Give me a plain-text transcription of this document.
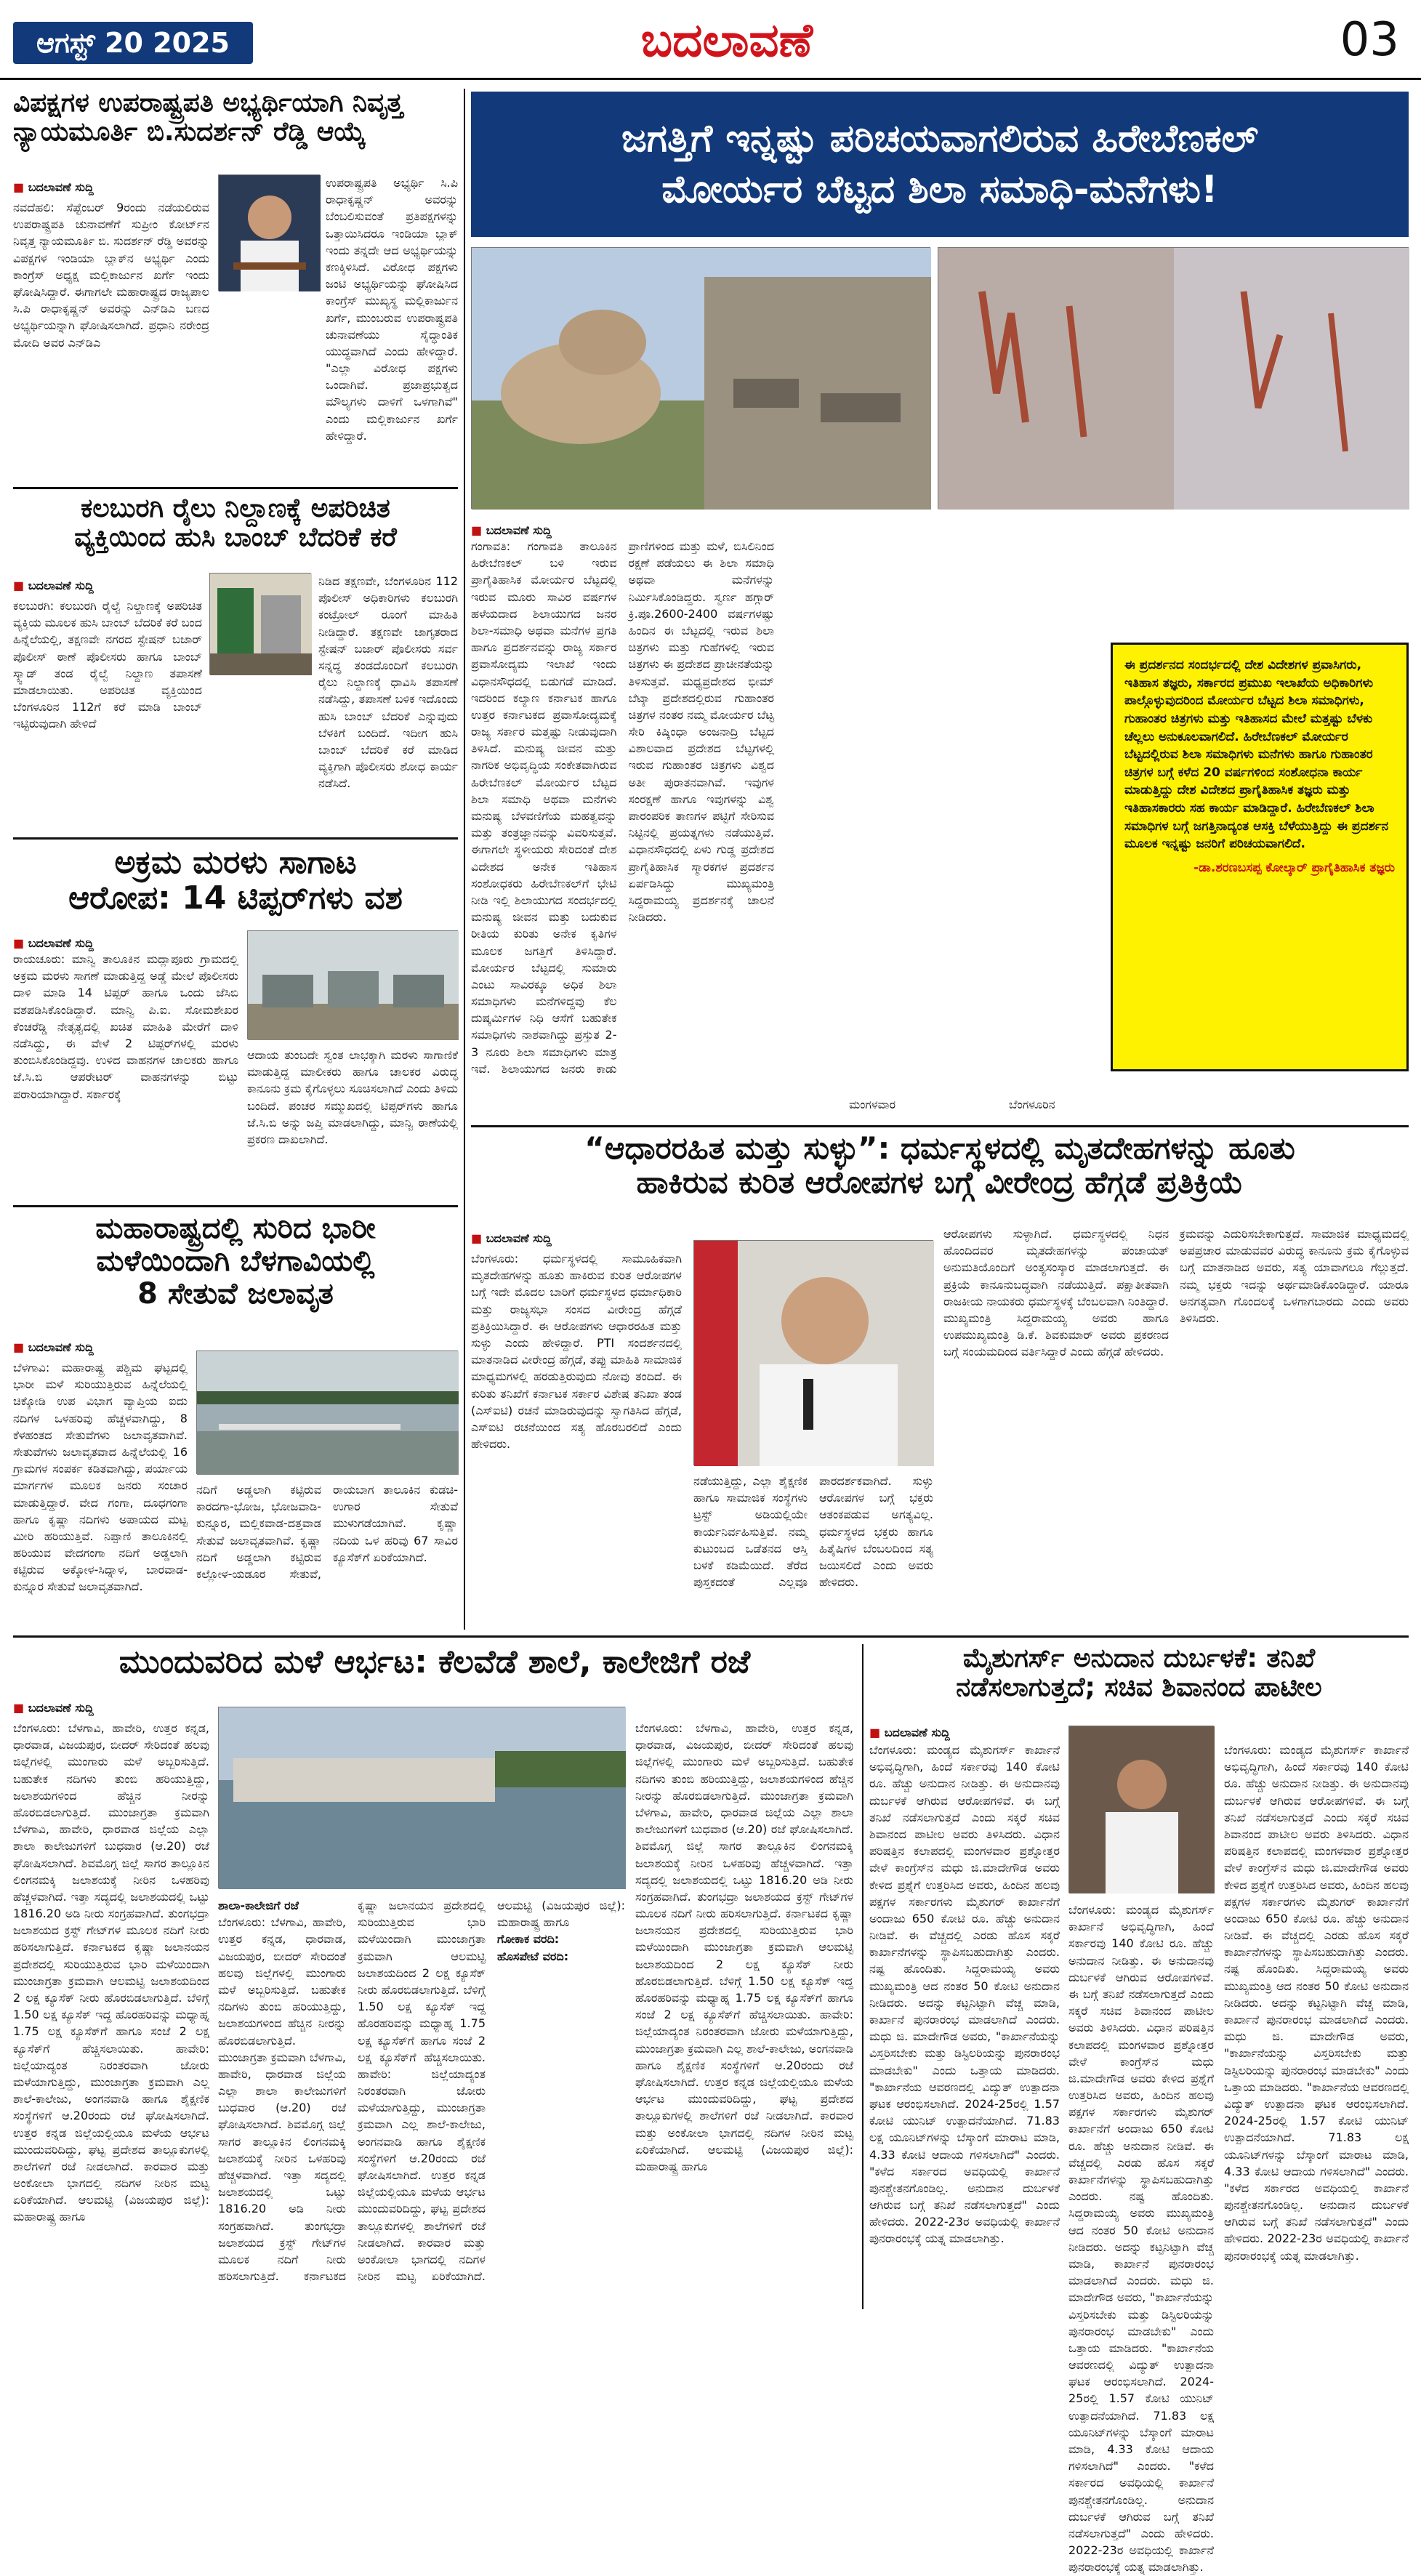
ಆಗಸ್ಟ್ 20 2025	ಬದಲಾವಣೆ	03
ವಿಪಕ್ಷಗಳ ಉಪರಾಷ್ಟ್ರಪತಿ ಅಭ್ಯರ್ಥಿಯಾಗಿ ನಿವೃತ್ತ
ನ್ಯಾಯಮೂರ್ತಿ ಬಿ.ಸುದರ್ಶನ್ ರೆಡ್ಡಿ ಆಯ್ಕೆ
■ ಬದಲಾವಣೆ ಸುದ್ದಿ
ನವದೆಹಲಿ: ಸೆಪ್ಟೆಂಬರ್ 9ರಂದು ನಡೆಯಲಿರುವ ಉಪರಾಷ್ಟ್ರಪತಿ ಚುನಾವಣೆಗೆ ಸುಪ್ರೀಂ ಕೋರ್ಟ್‌ನ ನಿವೃತ್ತ ನ್ಯಾಯಮೂರ್ತಿ ಬಿ. ಸುದರ್ಶನ್ ರೆಡ್ಡಿ ಅವರನ್ನು ವಿಪಕ್ಷಗಳ ಇಂಡಿಯಾ ಬ್ಲಾಕ್‌ನ ಅಭ್ಯರ್ಥಿ ಎಂದು ಕಾಂಗ್ರೆಸ್ ಅಧ್ಯಕ್ಷ ಮಲ್ಲಿಕಾರ್ಜುನ ಖರ್ಗೆ ಇಂದು ಘೋಷಿಸಿದ್ದಾರೆ. ಈಗಾಗಲೇ ಮಹಾರಾಷ್ಟ್ರದ ರಾಜ್ಯಪಾಲ ಸಿ.ಪಿ ರಾಧಾಕೃಷ್ಣನ್ ಅವರನ್ನು ಎನ್‌ಡಿಎ ಬಣದ ಅಭ್ಯರ್ಥಿಯನ್ನಾಗಿ ಘೋಷಿಸಲಾಗಿದೆ. ಪ್ರಧಾನಿ ನರೇಂದ್ರ ಮೋದಿ ಅವರ ಎನ್‌ಡಿಎ
ಉಪರಾಷ್ಟ್ರಪತಿ ಅಭ್ಯರ್ಥಿ ಸಿ.ಪಿ ರಾಧಾಕೃಷ್ಣನ್ ಅವರನ್ನು ಬೆಂಬಲಿಸುವಂತೆ ಪ್ರತಿಪಕ್ಷಗಳನ್ನು ಒತ್ತಾಯಿಸಿದರೂ ಇಂಡಿಯಾ ಬ್ಲಾಕ್ ಇಂದು ತನ್ನದೇ ಆದ ಅಭ್ಯರ್ಥಿಯನ್ನು ಕಣಕ್ಕಿಳಿಸಿದೆ. ವಿರೋಧ ಪಕ್ಷಗಳು ಜಂಟಿ ಅಭ್ಯರ್ಥಿಯನ್ನು ಘೋಷಿಸಿದ ಕಾಂಗ್ರೆಸ್ ಮುಖ್ಯಸ್ಥ ಮಲ್ಲಿಕಾರ್ಜುನ ಖರ್ಗೆ, ಮುಂಬರುವ ಉಪರಾಷ್ಟ್ರಪತಿ ಚುನಾವಣೆಯು ಸೈದ್ಧಾಂತಿಕ ಯುದ್ಧವಾಗಿದೆ ಎಂದು ಹೇಳಿದ್ದಾರೆ. "ಎಲ್ಲಾ ವಿರೋಧ ಪಕ್ಷಗಳು ಒಂದಾಗಿವೆ. ಪ್ರಜಾಪ್ರಭುತ್ವದ ಮೌಲ್ಯಗಳು ದಾಳಿಗೆ ಒಳಗಾಗಿವೆ" ಎಂದು ಮಲ್ಲಿಕಾರ್ಜುನ ಖರ್ಗೆ ಹೇಳಿದ್ದಾರೆ.
ಕಲಬುರಗಿ ರೈಲು ನಿಲ್ದಾಣಕ್ಕೆ ಅಪರಿಚಿತ
ವ್ಯಕ್ತಿಯಿಂದ ಹುಸಿ ಬಾಂಬ್ ಬೆದರಿಕೆ ಕರೆ
■ ಬದಲಾವಣೆ ಸುದ್ದಿ
ಕಲಬುರಗಿ: ಕಲಬುರಗಿ ರೈಲ್ವೆ ನಿಲ್ದಾಣಕ್ಕೆ ಅಪರಿಚಿತ ವ್ಯಕ್ತಿಯ ಮೂಲಕ ಹುಸಿ ಬಾಂಬ್ ಬೆದರಿಕೆ ಕರೆ ಬಂದ ಹಿನ್ನೆಲೆಯಲ್ಲಿ, ತಕ್ಷಣವೇ ನಗರದ ಸ್ಟೇಷನ್ ಬಜಾರ್ ಪೊಲೀಸ್ ಠಾಣೆ ಪೊಲೀಸರು ಹಾಗೂ ಬಾಂಬ್ ಸ್ಕ್ವಾಡ್ ತಂಡ ರೈಲ್ವೆ ನಿಲ್ದಾಣ ತಪಾಸಣೆ ಮಾಡಲಾಯಿತು. ಅಪರಿಚಿತ ವ್ಯಕ್ತಿಯಿಂದ ಬೆಂಗಳೂರಿನ 112ಗೆ ಕರೆ ಮಾಡಿ ಬಾಂಬ್ ಇಟ್ಟಿರುವುದಾಗಿ ಹೇಳಿದೆ
ನಿಡಿದ ತಕ್ಷಣವೇ, ಬೆಂಗಳೂರಿನ 112 ಪೊಲೀಸ್ ಅಧಿಕಾರಿಗಳು ಕಲಬುರಗಿ ಕಂಟ್ರೋಲ್ ರೂಂಗೆ ಮಾಹಿತಿ ನೀಡಿದ್ದಾರೆ. ತಕ್ಷಣವೇ ಜಾಗೃತರಾದ ಸ್ಟೇಷನ್ ಬಜಾರ್ ಪೊಲೀಸರು ಸರ್ವ ಸನ್ನದ್ಧ ತಂಡದೊಂದಿಗೆ ಕಲಬುರಗಿ ರೈಲು ನಿಲ್ದಾಣಕ್ಕೆ ಧಾವಿಸಿ ತಪಾಸಣೆ ನಡೆಸಿದ್ದು, ತಪಾಸಣೆ ಬಳಿಕ ಇದೊಂದು ಹುಸಿ ಬಾಂಬ್ ಬೆದರಿಕೆ ಎನ್ನುವುದು ಬೆಳಕಿಗೆ ಬಂದಿದೆ. ಇದೀಗ ಹುಸಿ ಬಾಂಬ್ ಬೆದರಿಕೆ ಕರೆ ಮಾಡಿದ ವ್ಯಕ್ತಿಗಾಗಿ ಪೊಲೀಸರು ಶೋಧ ಕಾರ್ಯ ನಡೆಸಿದೆ.
ಅಕ್ರಮ ಮರಳು ಸಾಗಾಟ
ಆರೋಪ: 14 ಟಿಪ್ಪರ್‌ಗಳು ವಶ
■ ಬದಲಾವಣೆ ಸುದ್ದಿ
ರಾಯಚೂರು: ಮಾನ್ವಿ ತಾಲೂಕಿನ ಮದ್ಲಾಪೂರು ಗ್ರಾಮದಲ್ಲಿ ಅಕ್ರಮ ಮರಳು ಸಾಗಣೆ ಮಾಡುತ್ತಿದ್ದ ಅಡ್ಡೆ ಮೇಲೆ ಪೊಲೀಸರು ದಾಳಿ ಮಾಡಿ 14 ಟಿಪ್ಪರ್ ಹಾಗೂ ಒಂದು ಜೆಸಿಬಿ ವಶಪಡಿಸಿಕೊಂಡಿದ್ದಾರೆ. ಮಾನ್ವಿ ಪಿ.ಐ. ಸೋಮಶೇಖರ ಕೆಂಚರೆಡ್ಡಿ ನೇತೃತ್ವದಲ್ಲಿ ಖಚಿತ ಮಾಹಿತಿ ಮೇರೆಗೆ ದಾಳಿ ನಡೆಸಿದ್ದು, ಈ ವೇಳೆ 2 ಟಿಪ್ಪರ್‌ಗಳಲ್ಲಿ ಮರಳು ತುಂಬಿಸಿಕೊಂಡಿದ್ದವು. ಉಳಿದ ವಾಹನಗಳ ಚಾಲಕರು ಹಾಗೂ ಜೆ.ಸಿ.ಬಿ ಆಪರೇಟರ್ ವಾಹನಗಳನ್ನು ಬಿಟ್ಟು ಪರಾರಿಯಾಗಿದ್ದಾರೆ. ಸರ್ಕಾರಕ್ಕೆ
ಆದಾಯ ತುಂಬದೇ ಸ್ವಂತ ಲಾಭಕ್ಕಾಗಿ ಮರಳು ಸಾಗಾಣಿಕೆ ಮಾಡುತ್ತಿದ್ದ ಮಾಲೀಕರು ಹಾಗೂ ಚಾಲಕರ ವಿರುದ್ಧ ಕಾನೂನು ಕ್ರಮ ಕೈಗೊಳ್ಳಲು ಸೂಚಿಸಲಾಗಿದೆ ಎಂದು ತಿಳಿದು ಬಂದಿದೆ. ಪಂಚರ ಸಮ್ಮುಖದಲ್ಲಿ ಟಿಪ್ಪರ್‌ಗಳು ಹಾಗೂ ಜೆ.ಸಿ.ಬಿ ಅನ್ನು ಜಪ್ತಿ ಮಾಡಲಾಗಿದ್ದು, ಮಾನ್ವಿ ಠಾಣೆಯಲ್ಲಿ ಪ್ರಕರಣ ದಾಖಲಾಗಿದೆ.
ಮಹಾರಾಷ್ಟ್ರದಲ್ಲಿ ಸುರಿದ ಭಾರೀ
ಮಳೆಯಿಂದಾಗಿ ಬೆಳಗಾವಿಯಲ್ಲಿ
8 ಸೇತುವೆ ಜಲಾವೃತ
■ ಬದಲಾವಣೆ ಸುದ್ದಿ
ಬೆಳಗಾವಿ: ಮಹಾರಾಷ್ಟ್ರ ಪಶ್ಚಿಮ ಘಟ್ಟದಲ್ಲಿ ಭಾರೀ ಮಳೆ ಸುರಿಯುತ್ತಿರುವ ಹಿನ್ನೆಲೆಯಲ್ಲಿ ಚಿಕ್ಕೋಡಿ ಉಪ ವಿಭಾಗ ವ್ಯಾಪ್ತಿಯ ಐದು ನದಿಗಳ ಒಳಹರಿವು ಹೆಚ್ಚಳವಾಗಿದ್ದು, 8 ಕೆಳಹಂತದ ಸೇತುವೆಗಳು ಜಲಾವೃತವಾಗಿವೆ. ಸೇತುವೆಗಳು ಜಲಾವೃತವಾದ ಹಿನ್ನೆಲೆಯಲ್ಲಿ 16 ಗ್ರಾಮಗಳ ಸಂಪರ್ಕ ಕಡಿತವಾಗಿದ್ದು, ಪರ್ಯಾಯ ಮಾರ್ಗಗಳ ಮೂಲಕ ಜನರು ಸಂಚಾರ ಮಾಡುತ್ತಿದ್ದಾರೆ. ವೇದ ಗಂಗಾ, ದೂಧಗಂಗಾ ಹಾಗೂ ಕೃಷ್ಣಾ ನದಿಗಳು ಅಪಾಯದ ಮಟ್ಟ ಮೀರಿ ಹರಿಯುತ್ತಿವೆ. ನಿಪ್ಪಾಣಿ ತಾಲೂಕಿನಲ್ಲಿ ಹರಿಯುವ ವೇದಗಂಗಾ ನದಿಗೆ ಅಡ್ಡಲಾಗಿ ಕಟ್ಟಿರುವ ಅಕ್ಕೋಳ-ಸಿದ್ನಾಳ, ಬಾರವಾಡ-ಕುನ್ನೂರ ಸೇತುವೆ ಜಲಾವೃತವಾಗಿದೆ.
ನದಿಗೆ ಅಡ್ಡಲಾಗಿ ಕಟ್ಟಿರುವ ಕಾರದಗಾ-ಭೋಜ, ಭೋಜವಾಡಿ-ಕುನ್ನೂರ, ಮಲ್ಲಿಕವಾಡ-ದತ್ತವಾಡ ಸೇತುವೆ ಜಲಾವೃತವಾಗಿವೆ. ಕೃಷ್ಣಾ ನದಿಗೆ ಅಡ್ಡಲಾಗಿ ಕಟ್ಟಿರುವ ಕಲ್ಲೋಳ-ಯಡೂರ ಸೇತುವೆ, ರಾಯಬಾಗ ತಾಲೂಕಿನ ಕುಡಚಿ-ಉಗಾರ ಸೇತುವೆ ಮುಳುಗಡೆಯಾಗಿವೆ. ಕೃಷ್ಣಾ ನದಿಯ ಒಳ ಹರಿವು 67 ಸಾವಿರ ಕ್ಯೂಸೆಕ್‌ಗೆ ಏರಿಕೆಯಾಗಿದೆ.
ಜಗತ್ತಿಗೆ ಇನ್ನಷ್ಟು ಪರಿಚಯವಾಗಲಿರುವ ಹಿರೇಬೆಣಕಲ್
ಮೋರ್ಯರ ಬೆಟ್ಟದ ಶಿಲಾ ಸಮಾಧಿ-ಮನೆಗಳು!
■ ಬದಲಾವಣೆ ಸುದ್ದಿ
ಗಂಗಾವತಿ: ಗಂಗಾವತಿ ತಾಲೂಕಿನ ಹಿರೇಬೆಣಕಲ್ ಬಳಿ ಇರುವ ಪ್ರಾಗೈತಿಹಾಸಿಕ ಮೋರ್ಯರ ಬೆಟ್ಟದಲ್ಲಿ ಇರುವ ಮೂರು ಸಾವಿರ ವರ್ಷಗಳ ಹಳೆಯದಾದ ಶಿಲಾಯುಗದ ಜನರ ಶಿಲಾ-ಸಮಾಧಿ ಅಥವಾ ಮನೆಗಳ ಪ್ರಗತಿ ಹಾಗೂ ಪ್ರದರ್ಶನವನ್ನು ರಾಜ್ಯ ಸರ್ಕಾರ ಪ್ರವಾಸೋದ್ಯಮ ಇಲಾಖೆ ಇಂದು ವಿಧಾನಸೌಧದಲ್ಲಿ ಬಿಡುಗಡೆ ಮಾಡಿದೆ. ಇದರಿಂದ ಕಲ್ಯಾಣ ಕರ್ನಾಟಕ ಹಾಗೂ ಉತ್ತರ ಕರ್ನಾಟಕದ ಪ್ರವಾಸೋದ್ಯಮಕ್ಕೆ ರಾಜ್ಯ ಸರ್ಕಾರ ಮತ್ತಷ್ಟು ನೀಡುವುದಾಗಿ ತಿಳಿಸಿದೆ. ಮನುಷ್ಯ ಜೀವನ ಮತ್ತು ನಾಗರಿಕ ಅಭಿವೃದ್ಧಿಯ ಸಂಕೇತವಾಗಿರುವ ಹಿರೇಬೆಣಕಲ್ ಮೋರ್ಯರ ಬೆಟ್ಟದ ಶಿಲಾ ಸಮಾಧಿ ಅಥವಾ ಮನೆಗಳು ಮನುಷ್ಯ ಬೆಳವಣಿಗೆಯ ಮಹತ್ವವನ್ನು ಮತ್ತು ತಂತ್ರಜ್ಞಾನವನ್ನು ವಿವರಿಸುತ್ತವೆ. ಈಗಾಗಲೇ ಸ್ಥಳೀಯರು ಸೇರಿದಂತೆ ದೇಶ ವಿದೇಶದ ಅನೇಕ ಇತಿಹಾಸ ಸಂಶೋಧಕರು ಹಿರೇಬೆಣಕಲ್‌ಗೆ ಭೇಟಿ ನೀಡಿ ಇಲ್ಲಿ ಶಿಲಾಯುಗದ ಸಂದರ್ಭದಲ್ಲಿ ಮನುಷ್ಯ ಜೀವನ ಮತ್ತು ಬದುಕುವ ರೀತಿಯ ಕುರಿತು ಅನೇಕ ಕೃತಿಗಳ ಮೂಲಕ ಜಗತ್ತಿಗೆ ತಿಳಿಸಿದ್ದಾರೆ. ಮೋರ್ಯರ ಬೆಟ್ಟದಲ್ಲಿ ಸುಮಾರು ಎಂಟು ಸಾವಿರಕ್ಕೂ ಅಧಿಕ ಶಿಲಾ ಸಮಾಧಿಗಳು ಮನೆಗಳಿದ್ದವು ಕೆಲ ದುಷ್ಕರ್ಮಿಗಳ ನಿಧಿ ಆಸೆಗೆ ಬಹುತೇಕ ಸಮಾಧಿಗಳು ನಾಶವಾಗಿದ್ದು ಪ್ರಸ್ತುತ 2-3 ನೂರು ಶಿಲಾ ಸಮಾಧಿಗಳು ಮಾತ್ರ ಇವೆ. ಶಿಲಾಯುಗದ ಜನರು ಕಾಡು ಪ್ರಾಣಿಗಳಿಂದ ಮತ್ತು ಮಳೆ, ಬಿಸಿಲಿನಿಂದ ರಕ್ಷಣೆ ಪಡೆಯಲು ಈ ಶಿಲಾ ಸಮಾಧಿ ಅಥವಾ ಮನೆಗಳನ್ನು ನಿರ್ಮಿಸಿಕೊಂಡಿದ್ದರು. ಸ್ವರ್ಣ ಹಗ್ಗಾರ್ ಕ್ರಿ.ಪೂ.2600-2400 ವರ್ಷಗಳಷ್ಟು ಹಿಂದಿನ ಈ ಬೆಟ್ಟದಲ್ಲಿ ಇರುವ ಶಿಲಾ ಚಿತ್ರಗಳು ಮತ್ತು ಗುಹೆಗಳಲ್ಲಿ ಇರುವ ಚಿತ್ರಗಳು ಈ ಪ್ರದೇಶದ ಪ್ರಾಚೀನತೆಯನ್ನು ತಿಳಿಸುತ್ತವೆ. ಮಧ್ಯಪ್ರದೇಶದ ಭೀಮ್ ಬೆಟ್ಕಾ ಪ್ರದೇಶದಲ್ಲಿರುವ ಗುಹಾಂತರ ಚಿತ್ರಗಳ ನಂತರ ನಮ್ಮ ಮೋರ್ಯರ ಬೆಟ್ಟ ಸೇರಿ ಕಿಷ್ಕಿಂಧಾ ಅಂಜನಾದ್ರಿ ಬೆಟ್ಟದ ವಿಶಾಲವಾದ ಪ್ರದೇಶದ ಬೆಟ್ಟಗಳಲ್ಲಿ ಇರುವ ಗುಹಾಂತರ ಚಿತ್ರಗಳು ವಿಶ್ವದ ಅತೀ ಪುರಾತನವಾಗಿವೆ. ಇವುಗಳ ಸಂರಕ್ಷಣೆ ಹಾಗೂ ಇವುಗಳನ್ನು ವಿಶ್ವ ಪಾರಂಪರಿಕ ತಾಣಗಳ ಪಟ್ಟಿಗೆ ಸೇರಿಸುವ ನಿಟ್ಟಿನಲ್ಲಿ ಪ್ರಯತ್ನಗಳು ನಡೆಯುತ್ತಿವೆ. ವಿಧಾನಸೌಧದಲ್ಲಿ ಏಳು ಗುಡ್ಡ ಪ್ರದೇಶದ ಪ್ರಾಗೈತಿಹಾಸಿಕ ಸ್ಮಾರಕಗಳ ಪ್ರದರ್ಶನ ಏರ್ಪಡಿಸಿದ್ದು ಮುಖ್ಯಮಂತ್ರಿ ಸಿದ್ದರಾಮಯ್ಯ ಪ್ರದರ್ಶನಕ್ಕೆ ಚಾಲನೆ ನೀಡಿದರು.
ಮಂಗಳವಾರ	ಬೆಂಗಳೂರಿನ
ಈ ಪ್ರದರ್ಶನದ ಸಂದರ್ಭದಲ್ಲಿ ದೇಶ ವಿದೇಶಗಳ ಪ್ರವಾಸಿಗರು, ಇತಿಹಾಸ ತಜ್ಞರು, ಸರ್ಕಾರದ ಪ್ರಮುಖ ಇಲಾಖೆಯ ಅಧಿಕಾರಿಗಳು ಪಾಲ್ಗೊಳ್ಳುವುದರಿಂದ ಮೋರ್ಯರ ಬೆಟ್ಟದ ಶಿಲಾ ಸಮಾಧಿಗಳು, ಗುಹಾಂತರ ಚಿತ್ರಗಳು ಮತ್ತು ಇತಿಹಾಸದ ಮೇಲೆ ಮತ್ತಷ್ಟು ಬೆಳಕು ಚೆಲ್ಲಲು ಅನುಕೂಲವಾಗಲಿದೆ. ಹಿರೇಬೆಣಕಲ್ ಮೋರ್ಯರ ಬೆಟ್ಟದಲ್ಲಿರುವ ಶಿಲಾ ಸಮಾಧಿಗಳು ಮನೆಗಳು ಹಾಗೂ ಗುಹಾಂತರ ಚಿತ್ರಗಳ ಬಗ್ಗೆ ಕಳೆದ 20 ವರ್ಷಗಳಿಂದ ಸಂಶೋಧನಾ ಕಾರ್ಯ ಮಾಡುತ್ತಿದ್ದು ದೇಶ ವಿದೇಶದ ಪ್ರಾಗೈತಿಹಾಸಿಕ ತಜ್ಞರು ಮತ್ತು ಇತಿಹಾಸಕಾರರು ಸಹ ಕಾರ್ಯ ಮಾಡಿದ್ದಾರೆ. ಹಿರೇಬೆಣಕಲ್ ಶಿಲಾ ಸಮಾಧಿಗಳ ಬಗ್ಗೆ ಜಗತ್ತಿನಾದ್ಯಂತ ಆಸಕ್ತಿ ಬೆಳೆಯುತ್ತಿದ್ದು ಈ ಪ್ರದರ್ಶನ ಮೂಲಕ ಇನ್ನಷ್ಟು ಜನರಿಗೆ ಪರಿಚಯವಾಗಲಿದೆ.
-ಡಾ.ಶರಣಬಸಪ್ಪ ಕೋಲ್ಕಾರ್ ಪ್ರಾಗೈತಿಹಾಸಿಕ ತಜ್ಞರು
“ಆಧಾರರಹಿತ ಮತ್ತು ಸುಳ್ಳು”: ಧರ್ಮಸ್ಥಳದಲ್ಲಿ ಮೃತದೇಹಗಳನ್ನು ಹೂತು
ಹಾಕಿರುವ ಕುರಿತ ಆರೋಪಗಳ ಬಗ್ಗೆ ವೀರೇಂದ್ರ ಹೆಗ್ಗಡೆ ಪ್ರತಿಕ್ರಿಯೆ
■ ಬದಲಾವಣೆ ಸುದ್ದಿ
ಬೆಂಗಳೂರು: ಧರ್ಮಸ್ಥಳದಲ್ಲಿ ಸಾಮೂಹಿಕವಾಗಿ ಮೃತದೇಹಗಳನ್ನು ಹೂತು ಹಾಕಿರುವ ಕುರಿತ ಆರೋಪಗಳ ಬಗ್ಗೆ ಇದೇ ಮೊದಲ ಬಾರಿಗೆ ಧರ್ಮಸ್ಥಳದ ಧರ್ಮಾಧಿಕಾರಿ ಮತ್ತು ರಾಜ್ಯಸಭಾ ಸಂಸದ ವೀರೇಂದ್ರ ಹೆಗ್ಗಡೆ ಪ್ರತಿಕ್ರಿಯಿಸಿದ್ದಾರೆ. ಈ ಆರೋಪಗಳು ಆಧಾರರಹಿತ ಮತ್ತು ಸುಳ್ಳು ಎಂದು ಹೇಳಿದ್ದಾರೆ. PTI ಸಂದರ್ಶನದಲ್ಲಿ ಮಾತನಾಡಿದ ವೀರೇಂದ್ರ ಹೆಗ್ಗಡೆ, ತಪ್ಪು ಮಾಹಿತಿ ಸಾಮಾಜಿಕ ಮಾಧ್ಯಮಗಳಲ್ಲಿ ಹರಡುತ್ತಿರುವುದು ನೋವು ತಂದಿದೆ. ಈ ಕುರಿತು ತನಿಖೆಗೆ ಕರ್ನಾಟಕ ಸರ್ಕಾರ ವಿಶೇಷ ತನಿಖಾ ತಂಡ (ಎಸ್‌ಐಟಿ) ರಚನೆ ಮಾಡಿರುವುದನ್ನು ಸ್ವಾಗತಿಸಿದ ಹೆಗ್ಗಡೆ, ಎಸ್‌ಐಟಿ ರಚನೆಯಿಂದ ಸತ್ಯ ಹೊರಬರಲಿದೆ ಎಂದು ಹೇಳಿದರು.
ನಡೆಯುತ್ತಿದ್ದು, ಎಲ್ಲಾ ಶೈಕ್ಷಣಿಕ ಹಾಗೂ ಸಾಮಾಜಿಕ ಸಂಸ್ಥೆಗಳು ಟ್ರಸ್ಟ್ ಅಡಿಯಲ್ಲಿಯೇ ಕಾರ್ಯನಿರ್ವಹಿಸುತ್ತಿವೆ. ನಮ್ಮ ಕುಟುಂಬದ ಒಡೆತನದ ಆಸ್ತಿ ಬಳಕೆ ಕಡಿಮೆಯಿದೆ. ತೆರೆದ ಪುಸ್ತಕದಂತೆ ಎಲ್ಲವೂ ಪಾರದರ್ಶಕವಾಗಿದೆ. ಸುಳ್ಳು ಆರೋಪಗಳ ಬಗ್ಗೆ ಭಕ್ತರು ಆತಂಕಪಡುವ ಅಗತ್ಯವಿಲ್ಲ. ಧರ್ಮಸ್ಥಳದ ಭಕ್ತರು ಹಾಗೂ ಹಿತೈಷಿಗಳ ಬೆಂಬಲದಿಂದ ಸತ್ಯ ಜಯಿಸಲಿದೆ ಎಂದು ಅವರು ಹೇಳಿದರು.
ಆರೋಪಗಳು ಸುಳ್ಳಾಗಿದೆ. ಧರ್ಮಸ್ಥಳದಲ್ಲಿ ನಿಧನ ಹೊಂದಿದವರ ಮೃತದೇಹಗಳನ್ನು ಪಂಚಾಯತ್ ಅನುಮತಿಯೊಂದಿಗೆ ಅಂತ್ಯಸಂಸ್ಕಾರ ಮಾಡಲಾಗುತ್ತದೆ. ಈ ಪ್ರಕ್ರಿಯೆ ಕಾನೂನುಬದ್ಧವಾಗಿ ನಡೆಯುತ್ತಿದೆ. ಪಕ್ಷಾತೀತವಾಗಿ ರಾಜಕೀಯ ನಾಯಕರು ಧರ್ಮಸ್ಥಳಕ್ಕೆ ಬೆಂಬಲವಾಗಿ ನಿಂತಿದ್ದಾರೆ. ಮುಖ್ಯಮಂತ್ರಿ ಸಿದ್ದರಾಮಯ್ಯ ಅವರು ಹಾಗೂ ಉಪಮುಖ್ಯಮಂತ್ರಿ ಡಿ.ಕೆ. ಶಿವಕುಮಾರ್ ಅವರು ಪ್ರಕರಣದ ಬಗ್ಗೆ ಸಂಯಮದಿಂದ ವರ್ತಿಸಿದ್ದಾರೆ ಎಂದು ಹೆಗ್ಗಡೆ ಹೇಳಿದರು.
ಕ್ರಮವನ್ನು ಎದುರಿಸಬೇಕಾಗುತ್ತದೆ. ಸಾಮಾಜಿಕ ಮಾಧ್ಯಮದಲ್ಲಿ ಅಪಪ್ರಚಾರ ಮಾಡುವವರ ವಿರುದ್ಧ ಕಾನೂನು ಕ್ರಮ ಕೈಗೊಳ್ಳುವ ಬಗ್ಗೆ ಮಾತನಾಡಿದ ಅವರು, ಸತ್ಯ ಯಾವಾಗಲೂ ಗೆಲ್ಲುತ್ತದೆ. ನಮ್ಮ ಭಕ್ತರು ಇದನ್ನು ಅರ್ಥಮಾಡಿಕೊಂಡಿದ್ದಾರೆ. ಯಾರೂ ಅನಗತ್ಯವಾಗಿ ಗೊಂದಲಕ್ಕೆ ಒಳಗಾಗಬಾರದು ಎಂದು ಅವರು ತಿಳಿಸಿದರು.
ಮುಂದುವರಿದ ಮಳೆ ಆರ್ಭಟ: ಕೆಲವೆಡೆ ಶಾಲೆ, ಕಾಲೇಜಿಗೆ ರಜೆ
■ ಬದಲಾವಣೆ ಸುದ್ದಿ
ಬೆಂಗಳೂರು: ಬೆಳಗಾವಿ, ಹಾವೇರಿ, ಉತ್ತರ ಕನ್ನಡ, ಧಾರವಾಡ, ವಿಜಯಪುರ, ಬೀದರ್ ಸೇರಿದಂತೆ ಹಲವು ಜಿಲ್ಲೆಗಳಲ್ಲಿ ಮುಂಗಾರು ಮಳೆ ಅಬ್ಬರಿಸುತ್ತಿದೆ. ಬಹುತೇಕ ನದಿಗಳು ತುಂಬಿ ಹರಿಯುತ್ತಿದ್ದು, ಜಲಾಶಯಗಳಿಂದ ಹೆಚ್ಚಿನ ನೀರನ್ನು ಹೊರಬಿಡಲಾಗುತ್ತಿದೆ. ಮುಂಜಾಗ್ರತಾ ಕ್ರಮವಾಗಿ ಬೆಳಗಾವಿ, ಹಾವೇರಿ, ಧಾರವಾಡ ಜಿಲ್ಲೆಯ ಎಲ್ಲಾ ಶಾಲಾ ಕಾಲೇಜುಗಳಿಗೆ ಬುಧವಾರ (ಆ.20) ರಜೆ ಘೋಷಿಸಲಾಗಿದೆ. ಶಿವಮೊಗ್ಗ ಜಿಲ್ಲೆ ಸಾಗರ ತಾಲ್ಲೂಕಿನ ಲಿಂಗನಮಕ್ಕಿ ಜಲಾಶಯಕ್ಕೆ ನೀರಿನ ಒಳಹರಿವು ಹೆಚ್ಚಳವಾಗಿದೆ. ಇತ್ತಾ ಸದ್ಯದಲ್ಲಿ ಜಲಾಶಯದಲ್ಲಿ ಒಟ್ಟು 1816.20 ಅಡಿ ನೀರು ಸಂಗ್ರಹವಾಗಿದೆ. ತುಂಗಭದ್ರಾ ಜಲಾಶಯದ ಕ್ರಸ್ಟ್ ಗೇಟ್‌ಗಳ ಮೂಲಕ ನದಿಗೆ ನೀರು ಹರಿಸಲಾಗುತ್ತಿದೆ. ಕರ್ನಾಟಕದ ಕೃಷ್ಣಾ ಜಲಾನಯನ ಪ್ರದೇಶದಲ್ಲಿ ಸುರಿಯುತ್ತಿರುವ ಭಾರಿ ಮಳೆಯಿಂದಾಗಿ ಮುಂಜಾಗ್ರತಾ ಕ್ರಮವಾಗಿ ಆಲಮಟ್ಟಿ ಜಲಾಶಯದಿಂದ 2 ಲಕ್ಷ ಕ್ಯೂಸೆಕ್ ನೀರು ಹೊರಬಿಡಲಾಗುತ್ತಿದೆ. ಬೆಳಿಗ್ಗೆ 1.50 ಲಕ್ಷ ಕ್ಯೂಸೆಕ್ ಇದ್ದ ಹೊರಹರಿವನ್ನು ಮಧ್ಯಾಹ್ನ 1.75 ಲಕ್ಷ ಕ್ಯೂಸೆಕ್‌ಗೆ ಹಾಗೂ ಸಂಜೆ 2 ಲಕ್ಷ ಕ್ಯೂಸೆಕ್‌ಗೆ ಹೆಚ್ಚಿಸಲಾಯಿತು. ಹಾವೇರಿ: ಜಿಲ್ಲೆಯಾದ್ಯಂತ ನಿರಂತರವಾಗಿ ಜೋರು ಮಳೆಯಾಗುತ್ತಿದ್ದು, ಮುಂಜಾಗ್ರತಾ ಕ್ರಮವಾಗಿ ಎಲ್ಲ ಶಾಲೆ-ಕಾಲೇಜು, ಅಂಗನವಾಡಿ ಹಾಗೂ ಶೈಕ್ಷಣಿಕ ಸಂಸ್ಥೆಗಳಿಗೆ ಆ.20ರಂದು ರಜೆ ಘೋಷಿಸಲಾಗಿದೆ. ಉತ್ತರ ಕನ್ನಡ ಜಿಲ್ಲೆಯಲ್ಲಿಯೂ ಮಳೆಯ ಆರ್ಭಟ ಮುಂದುವರಿದಿದ್ದು, ಘಟ್ಟ ಪ್ರದೇಶದ ತಾಲ್ಲೂಕುಗಳಲ್ಲಿ ಶಾಲೆಗಳಿಗೆ ರಜೆ ನೀಡಲಾಗಿದೆ. ಕಾರವಾರ ಮತ್ತು ಅಂಕೋಲಾ ಭಾಗದಲ್ಲಿ ನದಿಗಳ ನೀರಿನ ಮಟ್ಟ ಏರಿಕೆಯಾಗಿದೆ. ಆಲಮಟ್ಟಿ (ವಿಜಯಪುರ ಜಿಲ್ಲೆ): ಮಹಾರಾಷ್ಟ್ರ ಹಾಗೂ
ಶಾಲಾ-ಕಾಲೇಜಿಗೆ ರಜೆ
ಬೆಂಗಳೂರು: ಬೆಳಗಾವಿ, ಹಾವೇರಿ, ಉತ್ತರ ಕನ್ನಡ, ಧಾರವಾಡ, ವಿಜಯಪುರ, ಬೀದರ್ ಸೇರಿದಂತೆ ಹಲವು ಜಿಲ್ಲೆಗಳಲ್ಲಿ ಮುಂಗಾರು ಮಳೆ ಅಬ್ಬರಿಸುತ್ತಿದೆ. ಬಹುತೇಕ ನದಿಗಳು ತುಂಬಿ ಹರಿಯುತ್ತಿದ್ದು, ಜಲಾಶಯಗಳಿಂದ ಹೆಚ್ಚಿನ ನೀರನ್ನು ಹೊರಬಿಡಲಾಗುತ್ತಿದೆ. ಮುಂಜಾಗ್ರತಾ ಕ್ರಮವಾಗಿ ಬೆಳಗಾವಿ, ಹಾವೇರಿ, ಧಾರವಾಡ ಜಿಲ್ಲೆಯ ಎಲ್ಲಾ ಶಾಲಾ ಕಾಲೇಜುಗಳಿಗೆ ಬುಧವಾರ (ಆ.20) ರಜೆ ಘೋಷಿಸಲಾಗಿದೆ. ಶಿವಮೊಗ್ಗ ಜಿಲ್ಲೆ ಸಾಗರ ತಾಲ್ಲೂಕಿನ ಲಿಂಗನಮಕ್ಕಿ ಜಲಾಶಯಕ್ಕೆ ನೀರಿನ ಒಳಹರಿವು ಹೆಚ್ಚಳವಾಗಿದೆ. ಇತ್ತಾ ಸದ್ಯದಲ್ಲಿ ಜಲಾಶಯದಲ್ಲಿ ಒಟ್ಟು 1816.20 ಅಡಿ ನೀರು ಸಂಗ್ರಹವಾಗಿದೆ. ತುಂಗಭದ್ರಾ ಜಲಾಶಯದ ಕ್ರಸ್ಟ್ ಗೇಟ್‌ಗಳ ಮೂಲಕ ನದಿಗೆ ನೀರು ಹರಿಸಲಾಗುತ್ತಿದೆ. ಕರ್ನಾಟಕದ ಕೃಷ್ಣಾ ಜಲಾನಯನ ಪ್ರದೇಶದಲ್ಲಿ ಸುರಿಯುತ್ತಿರುವ ಭಾರಿ ಮಳೆಯಿಂದಾಗಿ ಮುಂಜಾಗ್ರತಾ ಕ್ರಮವಾಗಿ ಆಲಮಟ್ಟಿ ಜಲಾಶಯದಿಂದ 2 ಲಕ್ಷ ಕ್ಯೂಸೆಕ್ ನೀರು ಹೊರಬಿಡಲಾಗುತ್ತಿದೆ. ಬೆಳಿಗ್ಗೆ 1.50 ಲಕ್ಷ ಕ್ಯೂಸೆಕ್ ಇದ್ದ ಹೊರಹರಿವನ್ನು ಮಧ್ಯಾಹ್ನ 1.75 ಲಕ್ಷ ಕ್ಯೂಸೆಕ್‌ಗೆ ಹಾಗೂ ಸಂಜೆ 2 ಲಕ್ಷ ಕ್ಯೂಸೆಕ್‌ಗೆ ಹೆಚ್ಚಿಸಲಾಯಿತು. ಹಾವೇರಿ: ಜಿಲ್ಲೆಯಾದ್ಯಂತ ನಿರಂತರವಾಗಿ ಜೋರು ಮಳೆಯಾಗುತ್ತಿದ್ದು, ಮುಂಜಾಗ್ರತಾ ಕ್ರಮವಾಗಿ ಎಲ್ಲ ಶಾಲೆ-ಕಾಲೇಜು, ಅಂಗನವಾಡಿ ಹಾಗೂ ಶೈಕ್ಷಣಿಕ ಸಂಸ್ಥೆಗಳಿಗೆ ಆ.20ರಂದು ರಜೆ ಘೋಷಿಸಲಾಗಿದೆ. ಉತ್ತರ ಕನ್ನಡ ಜಿಲ್ಲೆಯಲ್ಲಿಯೂ ಮಳೆಯ ಆರ್ಭಟ ಮುಂದುವರಿದಿದ್ದು, ಘಟ್ಟ ಪ್ರದೇಶದ ತಾಲ್ಲೂಕುಗಳಲ್ಲಿ ಶಾಲೆಗಳಿಗೆ ರಜೆ ನೀಡಲಾಗಿದೆ. ಕಾರವಾರ ಮತ್ತು ಅಂಕೋಲಾ ಭಾಗದಲ್ಲಿ ನದಿಗಳ ನೀರಿನ ಮಟ್ಟ ಏರಿಕೆಯಾಗಿದೆ. ಆಲಮಟ್ಟಿ (ವಿಜಯಪುರ ಜಿಲ್ಲೆ): ಮಹಾರಾಷ್ಟ್ರ ಹಾಗೂ
ಗೋಕಾಕ ವರದಿ:
ಹೊಸಪೇಟೆ ವರದಿ:
ಬೆಂಗಳೂರು: ಬೆಳಗಾವಿ, ಹಾವೇರಿ, ಉತ್ತರ ಕನ್ನಡ, ಧಾರವಾಡ, ವಿಜಯಪುರ, ಬೀದರ್ ಸೇರಿದಂತೆ ಹಲವು ಜಿಲ್ಲೆಗಳಲ್ಲಿ ಮುಂಗಾರು ಮಳೆ ಅಬ್ಬರಿಸುತ್ತಿದೆ. ಬಹುತೇಕ ನದಿಗಳು ತುಂಬಿ ಹರಿಯುತ್ತಿದ್ದು, ಜಲಾಶಯಗಳಿಂದ ಹೆಚ್ಚಿನ ನೀರನ್ನು ಹೊರಬಿಡಲಾಗುತ್ತಿದೆ. ಮುಂಜಾಗ್ರತಾ ಕ್ರಮವಾಗಿ ಬೆಳಗಾವಿ, ಹಾವೇರಿ, ಧಾರವಾಡ ಜಿಲ್ಲೆಯ ಎಲ್ಲಾ ಶಾಲಾ ಕಾಲೇಜುಗಳಿಗೆ ಬುಧವಾರ (ಆ.20) ರಜೆ ಘೋಷಿಸಲಾಗಿದೆ. ಶಿವಮೊಗ್ಗ ಜಿಲ್ಲೆ ಸಾಗರ ತಾಲ್ಲೂಕಿನ ಲಿಂಗನಮಕ್ಕಿ ಜಲಾಶಯಕ್ಕೆ ನೀರಿನ ಒಳಹರಿವು ಹೆಚ್ಚಳವಾಗಿದೆ. ಇತ್ತಾ ಸದ್ಯದಲ್ಲಿ ಜಲಾಶಯದಲ್ಲಿ ಒಟ್ಟು 1816.20 ಅಡಿ ನೀರು ಸಂಗ್ರಹವಾಗಿದೆ. ತುಂಗಭದ್ರಾ ಜಲಾಶಯದ ಕ್ರಸ್ಟ್ ಗೇಟ್‌ಗಳ ಮೂಲಕ ನದಿಗೆ ನೀರು ಹರಿಸಲಾಗುತ್ತಿದೆ. ಕರ್ನಾಟಕದ ಕೃಷ್ಣಾ ಜಲಾನಯನ ಪ್ರದೇಶದಲ್ಲಿ ಸುರಿಯುತ್ತಿರುವ ಭಾರಿ ಮಳೆಯಿಂದಾಗಿ ಮುಂಜಾಗ್ರತಾ ಕ್ರಮವಾಗಿ ಆಲಮಟ್ಟಿ ಜಲಾಶಯದಿಂದ 2 ಲಕ್ಷ ಕ್ಯೂಸೆಕ್ ನೀರು ಹೊರಬಿಡಲಾಗುತ್ತಿದೆ. ಬೆಳಿಗ್ಗೆ 1.50 ಲಕ್ಷ ಕ್ಯೂಸೆಕ್ ಇದ್ದ ಹೊರಹರಿವನ್ನು ಮಧ್ಯಾಹ್ನ 1.75 ಲಕ್ಷ ಕ್ಯೂಸೆಕ್‌ಗೆ ಹಾಗೂ ಸಂಜೆ 2 ಲಕ್ಷ ಕ್ಯೂಸೆಕ್‌ಗೆ ಹೆಚ್ಚಿಸಲಾಯಿತು. ಹಾವೇರಿ: ಜಿಲ್ಲೆಯಾದ್ಯಂತ ನಿರಂತರವಾಗಿ ಜೋರು ಮಳೆಯಾಗುತ್ತಿದ್ದು, ಮುಂಜಾಗ್ರತಾ ಕ್ರಮವಾಗಿ ಎಲ್ಲ ಶಾಲೆ-ಕಾಲೇಜು, ಅಂಗನವಾಡಿ ಹಾಗೂ ಶೈಕ್ಷಣಿಕ ಸಂಸ್ಥೆಗಳಿಗೆ ಆ.20ರಂದು ರಜೆ ಘೋಷಿಸಲಾಗಿದೆ. ಉತ್ತರ ಕನ್ನಡ ಜಿಲ್ಲೆಯಲ್ಲಿಯೂ ಮಳೆಯ ಆರ್ಭಟ ಮುಂದುವರಿದಿದ್ದು, ಘಟ್ಟ ಪ್ರದೇಶದ ತಾಲ್ಲೂಕುಗಳಲ್ಲಿ ಶಾಲೆಗಳಿಗೆ ರಜೆ ನೀಡಲಾಗಿದೆ. ಕಾರವಾರ ಮತ್ತು ಅಂಕೋಲಾ ಭಾಗದಲ್ಲಿ ನದಿಗಳ ನೀರಿನ ಮಟ್ಟ ಏರಿಕೆಯಾಗಿದೆ. ಆಲಮಟ್ಟಿ (ವಿಜಯಪುರ ಜಿಲ್ಲೆ): ಮಹಾರಾಷ್ಟ್ರ ಹಾಗೂ
ಮೈಶುಗರ್ಸ್ ಅನುದಾನ ದುರ್ಬಳಕೆ: ತನಿಖೆ
ನಡೆಸಲಾಗುತ್ತದೆ; ಸಚಿವ ಶಿವಾನಂದ ಪಾಟೀಲ
■ ಬದಲಾವಣೆ ಸುದ್ದಿ
ಬೆಂಗಳೂರು: ಮಂಡ್ಯದ ಮೈಶುಗರ್ಸ್ ಕಾರ್ಖಾನೆ ಅಭಿವೃದ್ಧಿಗಾಗಿ, ಹಿಂದೆ ಸರ್ಕಾರವು 140 ಕೋಟಿ ರೂ. ಹೆಚ್ಚು ಅನುದಾನ ನೀಡಿತ್ತು. ಈ ಅನುದಾನವು ದುರ್ಬಳಕೆ ಆಗಿರುವ ಆರೋಪಗಳಿವೆ. ಈ ಬಗ್ಗೆ ತನಿಖೆ ನಡೆಸಲಾಗುತ್ತದೆ ಎಂದು ಸಕ್ಕರೆ ಸಚಿವ ಶಿವಾನಂದ ಪಾಟೀಲ ಅವರು ತಿಳಿಸಿದರು. ವಿಧಾನ ಪರಿಷತ್ತಿನ ಕಲಾಪದಲ್ಲಿ ಮಂಗಳವಾರ ಪ್ರಶ್ನೋತ್ತರ ವೇಳೆ ಕಾಂಗ್ರೆಸ್‌ನ ಮಧು ಜಿ.ಮಾದೇಗೌಡ ಅವರು ಕೇಳಿದ ಪ್ರಶ್ನೆಗೆ ಉತ್ತರಿಸಿದ ಅವರು, ಹಿಂದಿನ ಹಲವು ಪಕ್ಷಗಳ ಸರ್ಕಾರಗಳು ಮೈಶುಗರ್ ಕಾರ್ಖಾನೆಗೆ ಅಂದಾಜು 650 ಕೋಟಿ ರೂ. ಹೆಚ್ಚು ಅನುದಾನ ನೀಡಿವೆ. ಈ ವೆಚ್ಚದಲ್ಲಿ ಎರಡು ಹೊಸ ಸಕ್ಕರೆ ಕಾರ್ಖಾನೆಗಳನ್ನು ಸ್ಥಾಪಿಸಬಹುದಾಗಿತ್ತು ಎಂದರು. ನಷ್ಟ ಹೊಂದಿತು. ಸಿದ್ದರಾಮಯ್ಯ ಅವರು ಮುಖ್ಯಮಂತ್ರಿ ಆದ ನಂತರ 50 ಕೋಟಿ ಅನುದಾನ ನೀಡಿದರು. ಅದನ್ನು ಕಟ್ಟನಿಟ್ಟಾಗಿ ವೆಚ್ಚ ಮಾಡಿ, ಕಾರ್ಖಾನೆ ಪುನರಾರಂಭ ಮಾಡಲಾಗಿದೆ ಎಂದರು. ಮಧು ಜಿ. ಮಾದೇಗೌಡ ಅವರು, "ಕಾರ್ಖಾನೆಯನ್ನು ವಿಸ್ತರಿಸಬೇಕು ಮತ್ತು ಡಿಸ್ಟಿಲರಿಯನ್ನು ಪುನರಾರಂಭ ಮಾಡಬೇಕು" ಎಂದು ಒತ್ತಾಯ ಮಾಡಿದರು. "ಕಾರ್ಖಾನೆಯ ಆವರಣದಲ್ಲಿ ವಿದ್ಯುತ್ ಉತ್ಪಾದನಾ ಘಟಕ ಆರಂಭಿಸಲಾಗಿದೆ. 2024-25ರಲ್ಲಿ 1.57 ಕೋಟಿ ಯುನಿಟ್ ಉತ್ಪಾದನೆಯಾಗಿದೆ. 71.83 ಲಕ್ಷ ಯೂನಿಟ್‌ಗಳನ್ನು ಬೆಸ್ಕಾಂಗೆ ಮಾರಾಟ ಮಾಡಿ, 4.33 ಕೋಟಿ ಆದಾಯ ಗಳಿಸಲಾಗಿದೆ" ಎಂದರು. "ಕಳೆದ ಸರ್ಕಾರದ ಅವಧಿಯಲ್ಲಿ ಕಾರ್ಖಾನೆ ಪುನಶ್ಚೇತನಗೊಂಡಿಲ್ಲ. ಅನುದಾನ ದುರ್ಬಳಕೆ ಆಗಿರುವ ಬಗ್ಗೆ ತನಿಖೆ ನಡೆಸಲಾಗುತ್ತದೆ" ಎಂದು ಹೇಳಿದರು. 2022-23ರ ಅವಧಿಯಲ್ಲಿ ಕಾರ್ಖಾನೆ ಪುನರಾರಂಭಕ್ಕೆ ಯತ್ನ ಮಾಡಲಾಗಿತ್ತು.
ಬೆಂಗಳೂರು: ಮಂಡ್ಯದ ಮೈಶುಗರ್ಸ್ ಕಾರ್ಖಾನೆ ಅಭಿವೃದ್ಧಿಗಾಗಿ, ಹಿಂದೆ ಸರ್ಕಾರವು 140 ಕೋಟಿ ರೂ. ಹೆಚ್ಚು ಅನುದಾನ ನೀಡಿತ್ತು. ಈ ಅನುದಾನವು ದುರ್ಬಳಕೆ ಆಗಿರುವ ಆರೋಪಗಳಿವೆ. ಈ ಬಗ್ಗೆ ತನಿಖೆ ನಡೆಸಲಾಗುತ್ತದೆ ಎಂದು ಸಕ್ಕರೆ ಸಚಿವ ಶಿವಾನಂದ ಪಾಟೀಲ ಅವರು ತಿಳಿಸಿದರು. ವಿಧಾನ ಪರಿಷತ್ತಿನ ಕಲಾಪದಲ್ಲಿ ಮಂಗಳವಾರ ಪ್ರಶ್ನೋತ್ತರ ವೇಳೆ ಕಾಂಗ್ರೆಸ್‌ನ ಮಧು ಜಿ.ಮಾದೇಗೌಡ ಅವರು ಕೇಳಿದ ಪ್ರಶ್ನೆಗೆ ಉತ್ತರಿಸಿದ ಅವರು, ಹಿಂದಿನ ಹಲವು ಪಕ್ಷಗಳ ಸರ್ಕಾರಗಳು ಮೈಶುಗರ್ ಕಾರ್ಖಾನೆಗೆ ಅಂದಾಜು 650 ಕೋಟಿ ರೂ. ಹೆಚ್ಚು ಅನುದಾನ ನೀಡಿವೆ. ಈ ವೆಚ್ಚದಲ್ಲಿ ಎರಡು ಹೊಸ ಸಕ್ಕರೆ ಕಾರ್ಖಾನೆಗಳನ್ನು ಸ್ಥಾಪಿಸಬಹುದಾಗಿತ್ತು ಎಂದರು. ನಷ್ಟ ಹೊಂದಿತು. ಸಿದ್ದರಾಮಯ್ಯ ಅವರು ಮುಖ್ಯಮಂತ್ರಿ ಆದ ನಂತರ 50 ಕೋಟಿ ಅನುದಾನ ನೀಡಿದರು. ಅದನ್ನು ಕಟ್ಟನಿಟ್ಟಾಗಿ ವೆಚ್ಚ ಮಾಡಿ, ಕಾರ್ಖಾನೆ ಪುನರಾರಂಭ ಮಾಡಲಾಗಿದೆ ಎಂದರು. ಮಧು ಜಿ. ಮಾದೇಗೌಡ ಅವರು, "ಕಾರ್ಖಾನೆಯನ್ನು ವಿಸ್ತರಿಸಬೇಕು ಮತ್ತು ಡಿಸ್ಟಿಲರಿಯನ್ನು ಪುನರಾರಂಭ ಮಾಡಬೇಕು" ಎಂದು ಒತ್ತಾಯ ಮಾಡಿದರು. "ಕಾರ್ಖಾನೆಯ ಆವರಣದಲ್ಲಿ ವಿದ್ಯುತ್ ಉತ್ಪಾದನಾ ಘಟಕ ಆರಂಭಿಸಲಾಗಿದೆ. 2024-25ರಲ್ಲಿ 1.57 ಕೋಟಿ ಯುನಿಟ್ ಉತ್ಪಾದನೆಯಾಗಿದೆ. 71.83 ಲಕ್ಷ ಯೂನಿಟ್‌ಗಳನ್ನು ಬೆಸ್ಕಾಂಗೆ ಮಾರಾಟ ಮಾಡಿ, 4.33 ಕೋಟಿ ಆದಾಯ ಗಳಿಸಲಾಗಿದೆ" ಎಂದರು. "ಕಳೆದ ಸರ್ಕಾರದ ಅವಧಿಯಲ್ಲಿ ಕಾರ್ಖಾನೆ ಪುನಶ್ಚೇತನಗೊಂಡಿಲ್ಲ. ಅನುದಾನ ದುರ್ಬಳಕೆ ಆಗಿರುವ ಬಗ್ಗೆ ತನಿಖೆ ನಡೆಸಲಾಗುತ್ತದೆ" ಎಂದು ಹೇಳಿದರು. 2022-23ರ ಅವಧಿಯಲ್ಲಿ ಕಾರ್ಖಾನೆ ಪುನರಾರಂಭಕ್ಕೆ ಯತ್ನ ಮಾಡಲಾಗಿತ್ತು.
ಬೆಂಗಳೂರು: ಮಂಡ್ಯದ ಮೈಶುಗರ್ಸ್ ಕಾರ್ಖಾನೆ ಅಭಿವೃದ್ಧಿಗಾಗಿ, ಹಿಂದೆ ಸರ್ಕಾರವು 140 ಕೋಟಿ ರೂ. ಹೆಚ್ಚು ಅನುದಾನ ನೀಡಿತ್ತು. ಈ ಅನುದಾನವು ದುರ್ಬಳಕೆ ಆಗಿರುವ ಆರೋಪಗಳಿವೆ. ಈ ಬಗ್ಗೆ ತನಿಖೆ ನಡೆಸಲಾಗುತ್ತದೆ ಎಂದು ಸಕ್ಕರೆ ಸಚಿವ ಶಿವಾನಂದ ಪಾಟೀಲ ಅವರು ತಿಳಿಸಿದರು. ವಿಧಾನ ಪರಿಷತ್ತಿನ ಕಲಾಪದಲ್ಲಿ ಮಂಗಳವಾರ ಪ್ರಶ್ನೋತ್ತರ ವೇಳೆ ಕಾಂಗ್ರೆಸ್‌ನ ಮಧು ಜಿ.ಮಾದೇಗೌಡ ಅವರು ಕೇಳಿದ ಪ್ರಶ್ನೆಗೆ ಉತ್ತರಿಸಿದ ಅವರು, ಹಿಂದಿನ ಹಲವು ಪಕ್ಷಗಳ ಸರ್ಕಾರಗಳು ಮೈಶುಗರ್ ಕಾರ್ಖಾನೆಗೆ ಅಂದಾಜು 650 ಕೋಟಿ ರೂ. ಹೆಚ್ಚು ಅನುದಾನ ನೀಡಿವೆ. ಈ ವೆಚ್ಚದಲ್ಲಿ ಎರಡು ಹೊಸ ಸಕ್ಕರೆ ಕಾರ್ಖಾನೆಗಳನ್ನು ಸ್ಥಾಪಿಸಬಹುದಾಗಿತ್ತು ಎಂದರು. ನಷ್ಟ ಹೊಂದಿತು. ಸಿದ್ದರಾಮಯ್ಯ ಅವರು ಮುಖ್ಯಮಂತ್ರಿ ಆದ ನಂತರ 50 ಕೋಟಿ ಅನುದಾನ ನೀಡಿದರು. ಅದನ್ನು ಕಟ್ಟನಿಟ್ಟಾಗಿ ವೆಚ್ಚ ಮಾಡಿ, ಕಾರ್ಖಾನೆ ಪುನರಾರಂಭ ಮಾಡಲಾಗಿದೆ ಎಂದರು. ಮಧು ಜಿ. ಮಾದೇಗೌಡ ಅವರು, "ಕಾರ್ಖಾನೆಯನ್ನು ವಿಸ್ತರಿಸಬೇಕು ಮತ್ತು ಡಿಸ್ಟಿಲರಿಯನ್ನು ಪುನರಾರಂಭ ಮಾಡಬೇಕು" ಎಂದು ಒತ್ತಾಯ ಮಾಡಿದರು. "ಕಾರ್ಖಾನೆಯ ಆವರಣದಲ್ಲಿ ವಿದ್ಯುತ್ ಉತ್ಪಾದನಾ ಘಟಕ ಆರಂಭಿಸಲಾಗಿದೆ. 2024-25ರಲ್ಲಿ 1.57 ಕೋಟಿ ಯುನಿಟ್ ಉತ್ಪಾದನೆಯಾಗಿದೆ. 71.83 ಲಕ್ಷ ಯೂನಿಟ್‌ಗಳನ್ನು ಬೆಸ್ಕಾಂಗೆ ಮಾರಾಟ ಮಾಡಿ, 4.33 ಕೋಟಿ ಆದಾಯ ಗಳಿಸಲಾಗಿದೆ" ಎಂದರು. "ಕಳೆದ ಸರ್ಕಾರದ ಅವಧಿಯಲ್ಲಿ ಕಾರ್ಖಾನೆ ಪುನಶ್ಚೇತನಗೊಂಡಿಲ್ಲ. ಅನುದಾನ ದುರ್ಬಳಕೆ ಆಗಿರುವ ಬಗ್ಗೆ ತನಿಖೆ ನಡೆಸಲಾಗುತ್ತದೆ" ಎಂದು ಹೇಳಿದರು. 2022-23ರ ಅವಧಿಯಲ್ಲಿ ಕಾರ್ಖಾನೆ ಪುನರಾರಂಭಕ್ಕೆ ಯತ್ನ ಮಾಡಲಾಗಿತ್ತು.
